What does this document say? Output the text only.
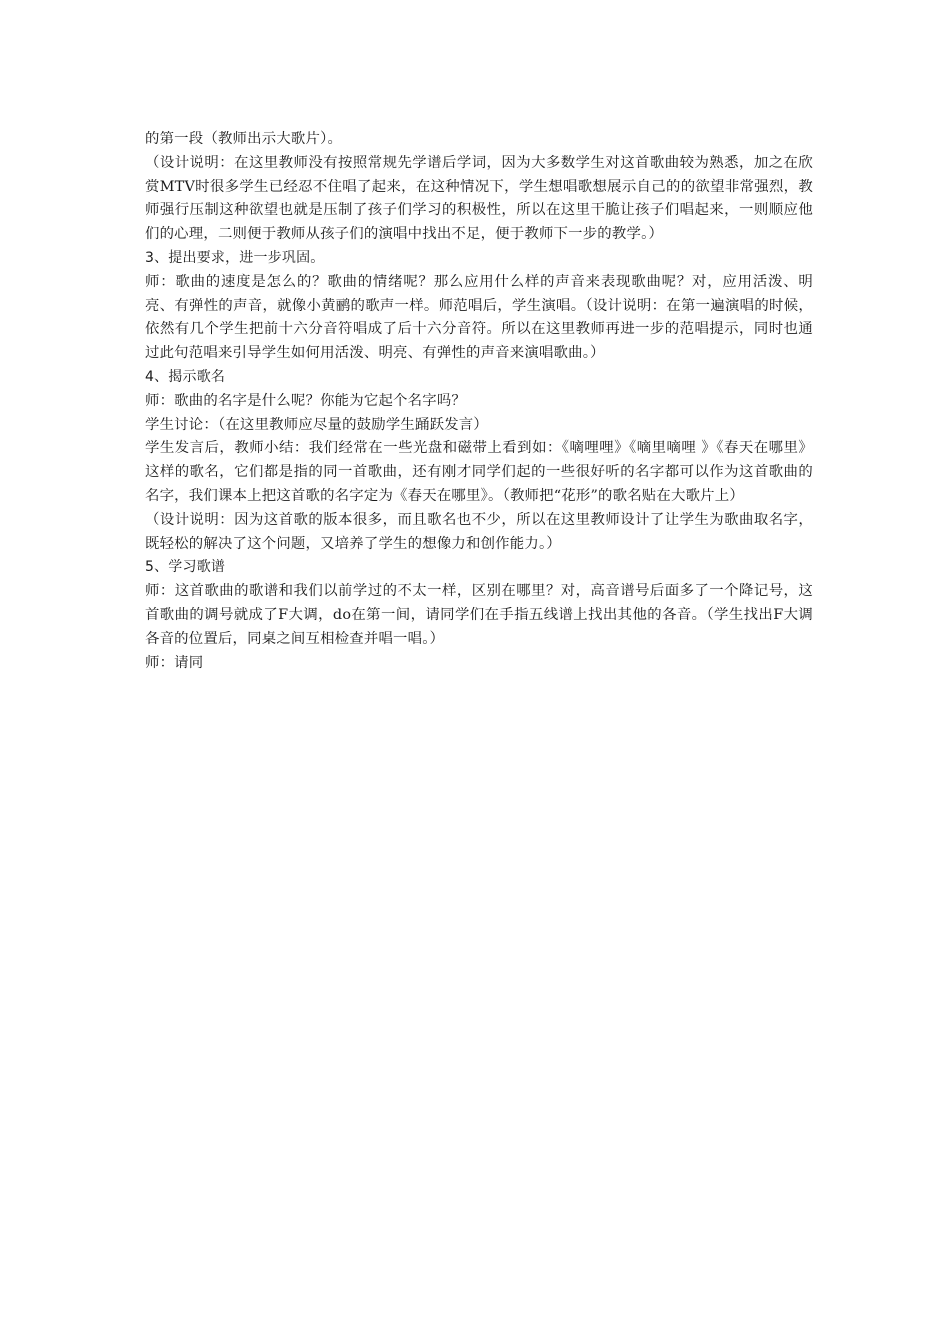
的第一段（教师出示大歌片）。

（设计说明：在这里教师没有按照常规先学谱后学词，因为大多数学生对这首歌曲较为熟悉，加之在欣赏MTV时很多学生已经忍不住唱了起来，在这种情况下，学生想唱歌想展示自己的的欲望非常强烈，教师强行压制这种欲望也就是压制了孩子们学习的积极性，所以在这里干脆让孩子们唱起来，一则顺应他们的心理，二则便于教师从孩子们的演唱中找出不足，便于教师下一步的教学。）

3、提出要求，进一步巩固。

师：歌曲的速度是怎么的？歌曲的情绪呢？那么应用什么样的声音来表现歌曲呢？对，应用活泼、明亮、有弹性的声音，就像小黄鹂的歌声一样。师范唱后，学生演唱。（设计说明：在第一遍演唱的时候，依然有几个学生把前十六分音符唱成了后十六分音符。所以在这里教师再进一步的范唱提示，同时也通过此句范唱来引导学生如何用活泼、明亮、有弹性的声音来演唱歌曲。）

4、揭示歌名

师：歌曲的名字是什么呢？你能为它起个名字吗？

学生讨论：（在这里教师应尽量的鼓励学生踊跃发言）

学生发言后，教师小结：我们经常在一些光盘和磁带上看到如：《嘀哩哩》《嘀里嘀哩 》《春天在哪里》这样的歌名，它们都是指的同一首歌曲，还有刚才同学们起的一些很好听的名字都可以作为这首歌曲的名字，我们课本上把这首歌的名字定为《春天在哪里》。（教师把“花形”的歌名贴在大歌片上）

（设计说明：因为这首歌的版本很多，而且歌名也不少，所以在这里教师设计了让学生为歌曲取名字，既轻松的解决了这个问题，又培养了学生的想像力和创作能力。）

5、学习歌谱

师：这首歌曲的歌谱和我们以前学过的不太一样，区别在哪里？对，高音谱号后面多了一个降记号，这首歌曲的调号就成了F大调，do在第一间，请同学们在手指五线谱上找出其他的各音。（学生找出F大调各音的位置后，同桌之间互相检查并唱一唱。）

师：请同
